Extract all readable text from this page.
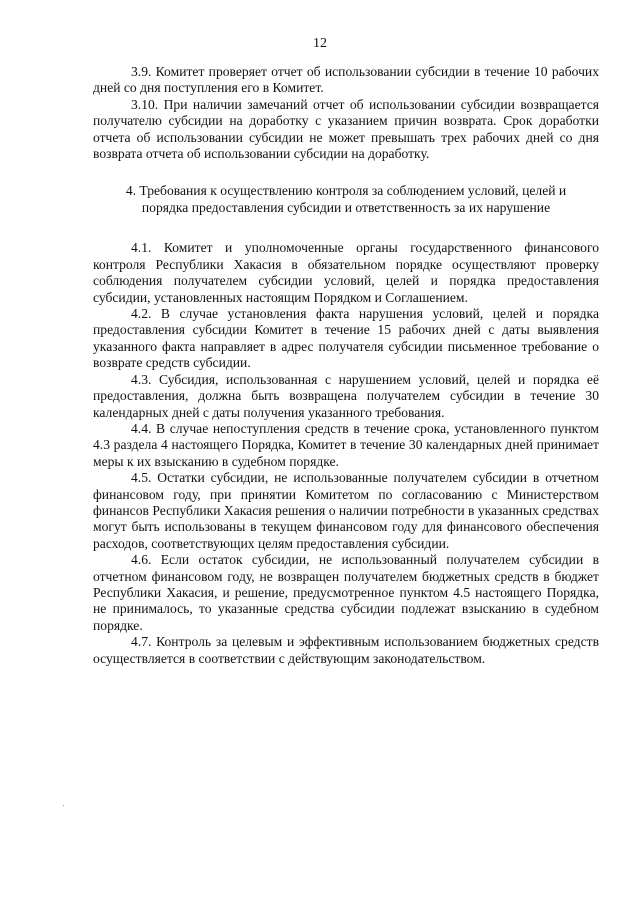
12

3.9. Комитет проверяет отчет об использовании субсидии в течение 10 рабочих дней со дня поступления его в Комитет.

3.10. При наличии замечаний отчет об использовании субсидии возвращается получателю субсидии на доработку с указанием причин возврата. Срок доработки отчета об использовании субсидии не может превышать трех рабочих дней со дня возврата отчета об использовании субсидии на доработку.

4. Требования к осуществлению контроля за соблюдением условий, целей и
порядка предоставления субсидии и ответственность за их нарушение

4.1. Комитет и уполномоченные органы государственного финансового контроля Республики Хакасия в обязательном порядке осуществляют проверку соблюдения получателем субсидии условий, целей и порядка предоставления субсидии, установленных настоящим Порядком и Соглашением.

4.2. В случае установления факта нарушения условий, целей и порядка предоставления субсидии Комитет в течение 15 рабочих дней с даты выявления указанного факта направляет в адрес получателя субсидии письменное требование о возврате средств субсидии.

4.3. Субсидия, использованная с нарушением условий, целей и порядка её предоставления, должна быть возвращена получателем субсидии в течение 30 календарных дней с даты получения указанного требования.

4.4. В случае непоступления средств в течение срока, установленного пунктом 4.3 раздела 4 настоящего Порядка, Комитет в течение 30 календарных дней принимает меры к их взысканию в судебном порядке.

4.5. Остатки субсидии, не использованные получателем субсидии в отчетном финансовом году, при принятии Комитетом по согласованию с Министерством финансов Республики Хакасия решения о наличии потребности в указанных средствах могут быть использованы в текущем финансовом году для финансового обеспечения расходов, соответствующих целям предоставления субсидии.

4.6. Если остаток субсидии, не использованный получателем субсидии в отчетном финансовом году, не возвращен получателем бюджетных средств в бюджет Республики Хакасия, и решение, предусмотренное пунктом 4.5 настоящего Порядка, не принималось, то указанные средства субсидии подлежат взысканию в судебном порядке.

4.7. Контроль за целевым и эффективным использованием бюджетных средств осуществляется в соответствии с действующим законодательством.
